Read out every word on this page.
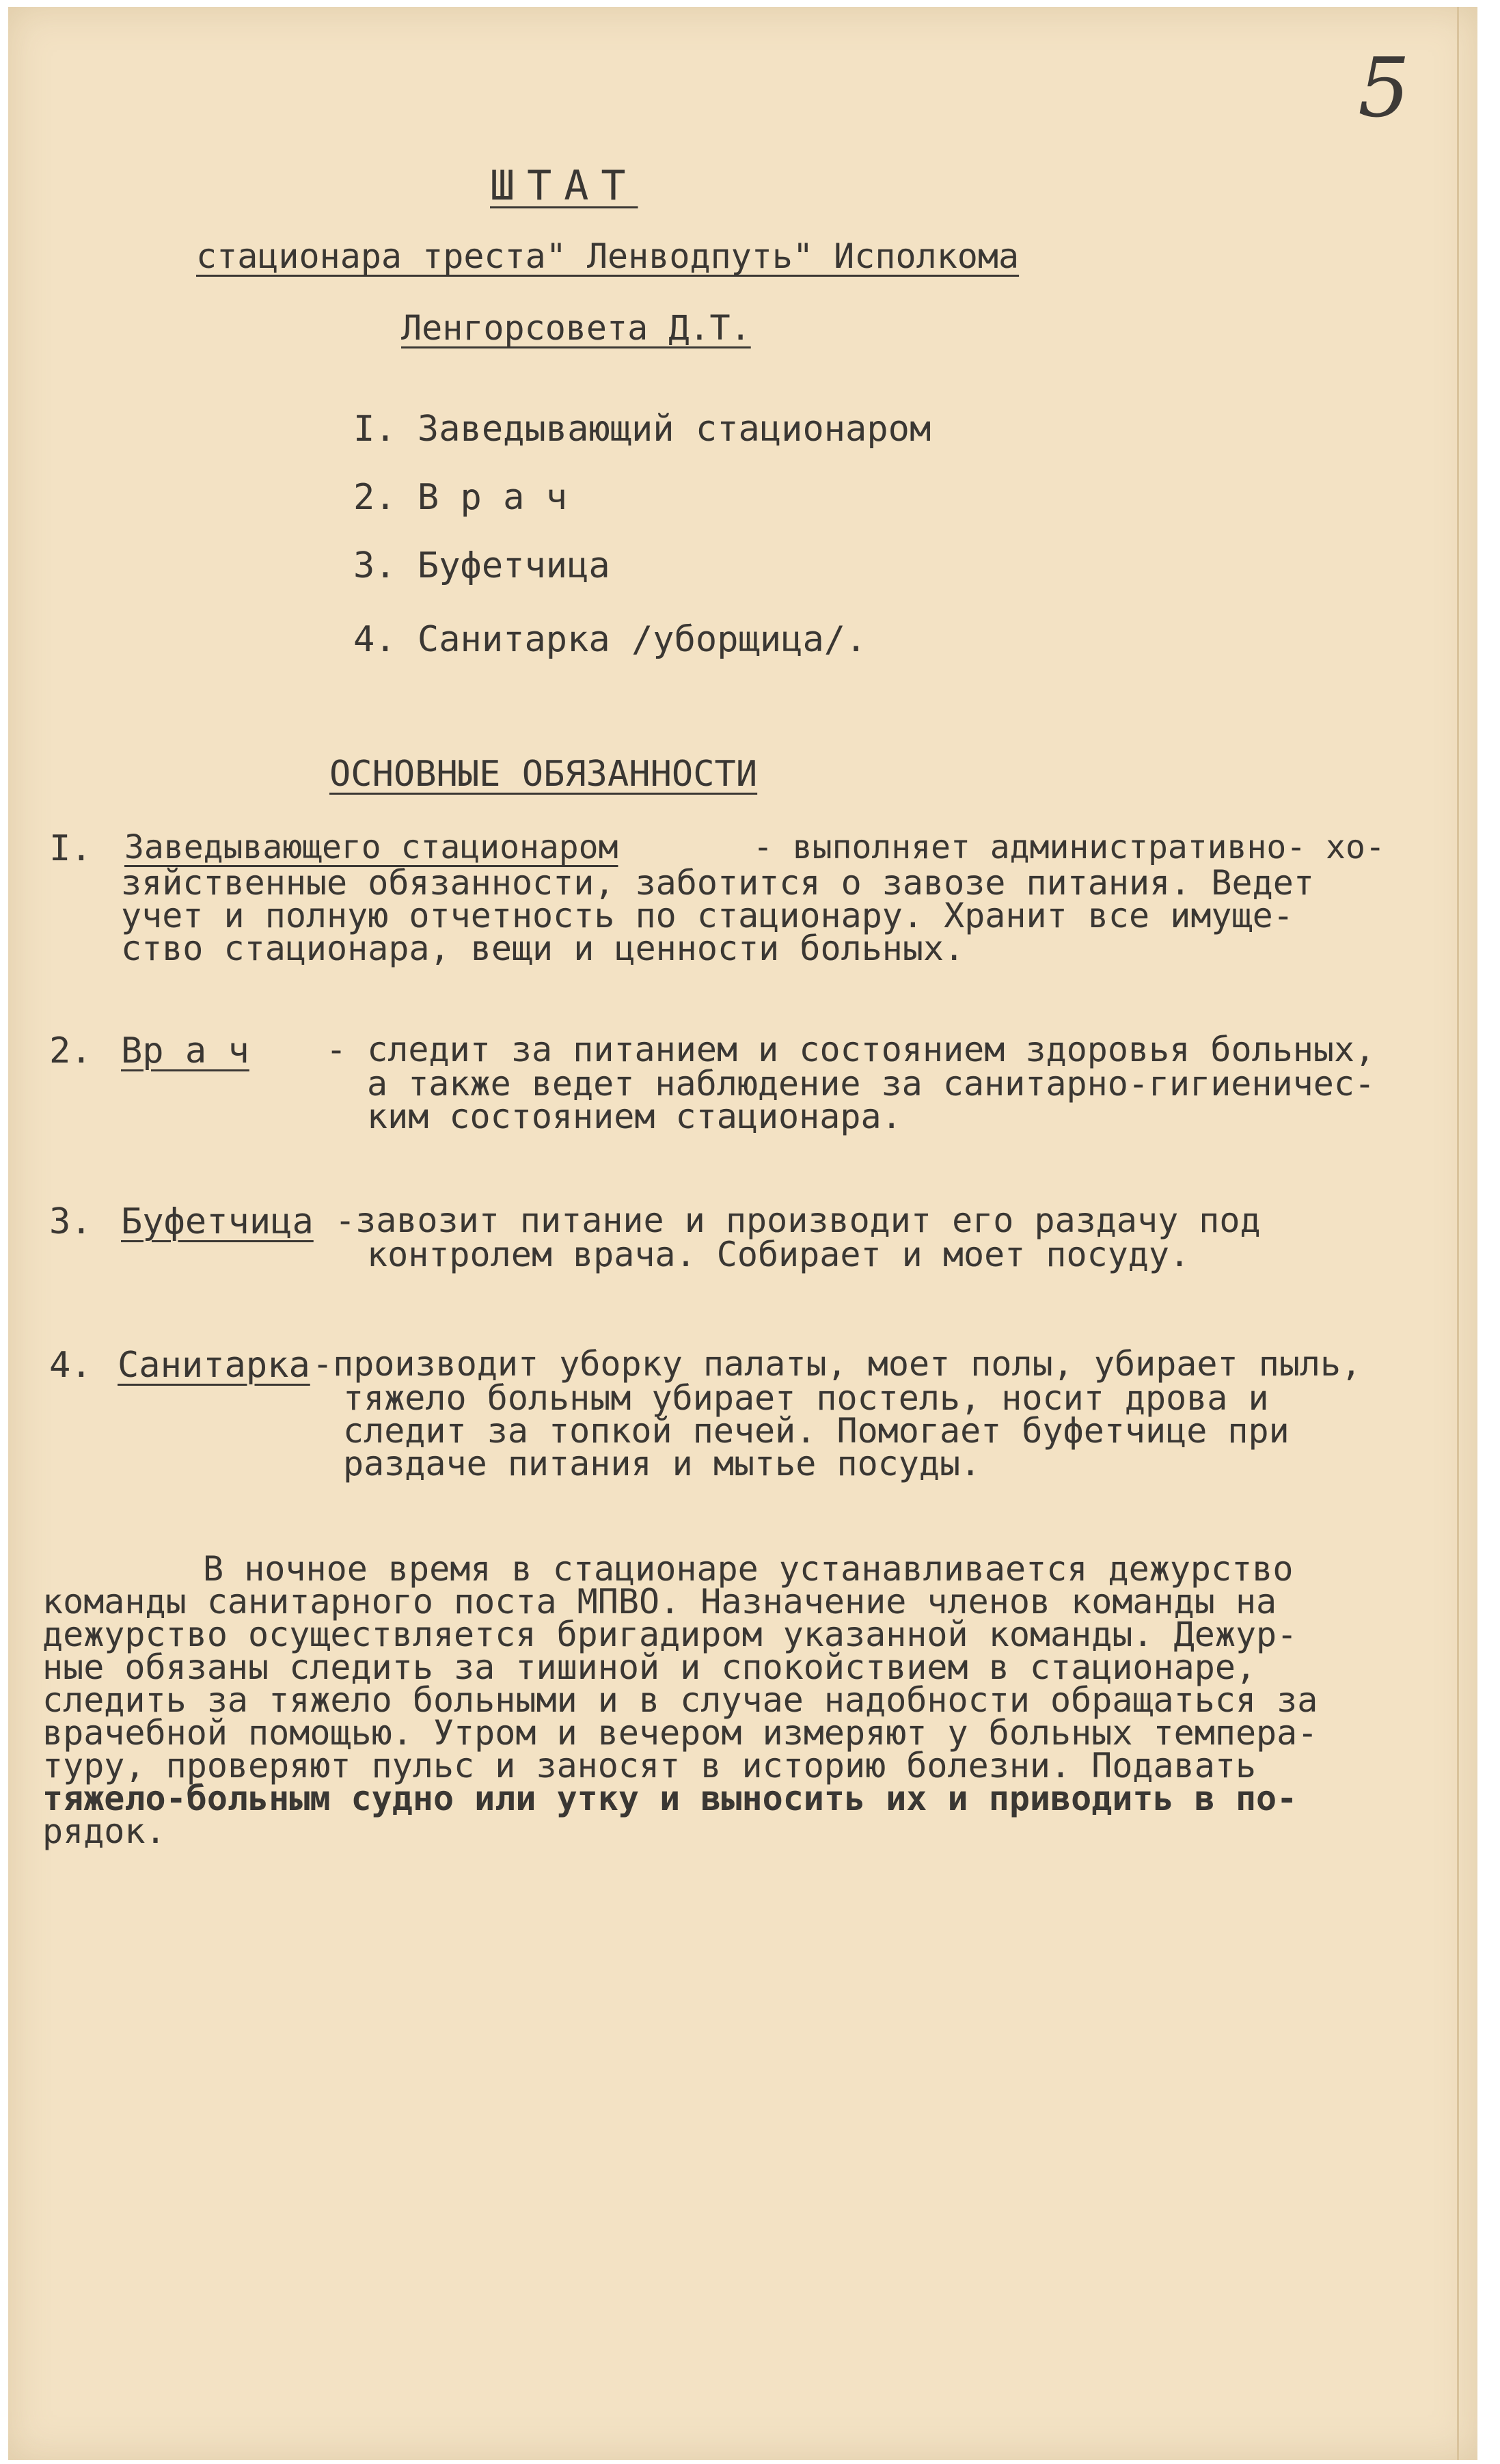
5
ШТАТ
стационара треста" Ленводпуть" Исполкома
Ленгорсовета Д.Т.
I. Заведывающий стационаром
2. В р а ч
3. Буфетчица
4. Санитарка /уборщица/.
ОСНОВНЫЕ ОБЯЗАННОСТИ
I. Заведывающего стационаром	- выполняет административно- хо-
зяйственные обязанности, заботится о завозе питания. Ведет
учет и полную отчетность по стационару. Хранит все имуще-
ство стационара, вещи и ценности больных.
2. Вр а ч - следит за питанием и состоянием здоровья больных,
а также ведет наблюдение за санитарно-гигиеничес-
ким состоянием стационара.
3. Буфетчица -завозит питание и производит его раздачу под
контролем врача. Собирает и моет посуду.
4. Санитарка -производит уборку палаты, моет полы, убирает пыль,
тяжело больным убирает постель, носит дрова и
следит за топкой печей. Помогает буфетчице при
раздаче питания и мытье посуды.
В ночное время в стационаре устанавливается дежурство
команды санитарного поста МПВО. Назначение членов команды на
дежурство осуществляется бригадиром указанной команды. Дежур-
ные обязаны следить за тишиной и спокойствием в стационаре,
следить за тяжело больными и в случае надобности обращаться за
врачебной помощью. Утром и вечером измеряют у больных темпера-
туру, проверяют пульс и заносят в историю болезни. Подавать
тяжело-больным судно или утку и выносить их и приводить в по-
рядок.
